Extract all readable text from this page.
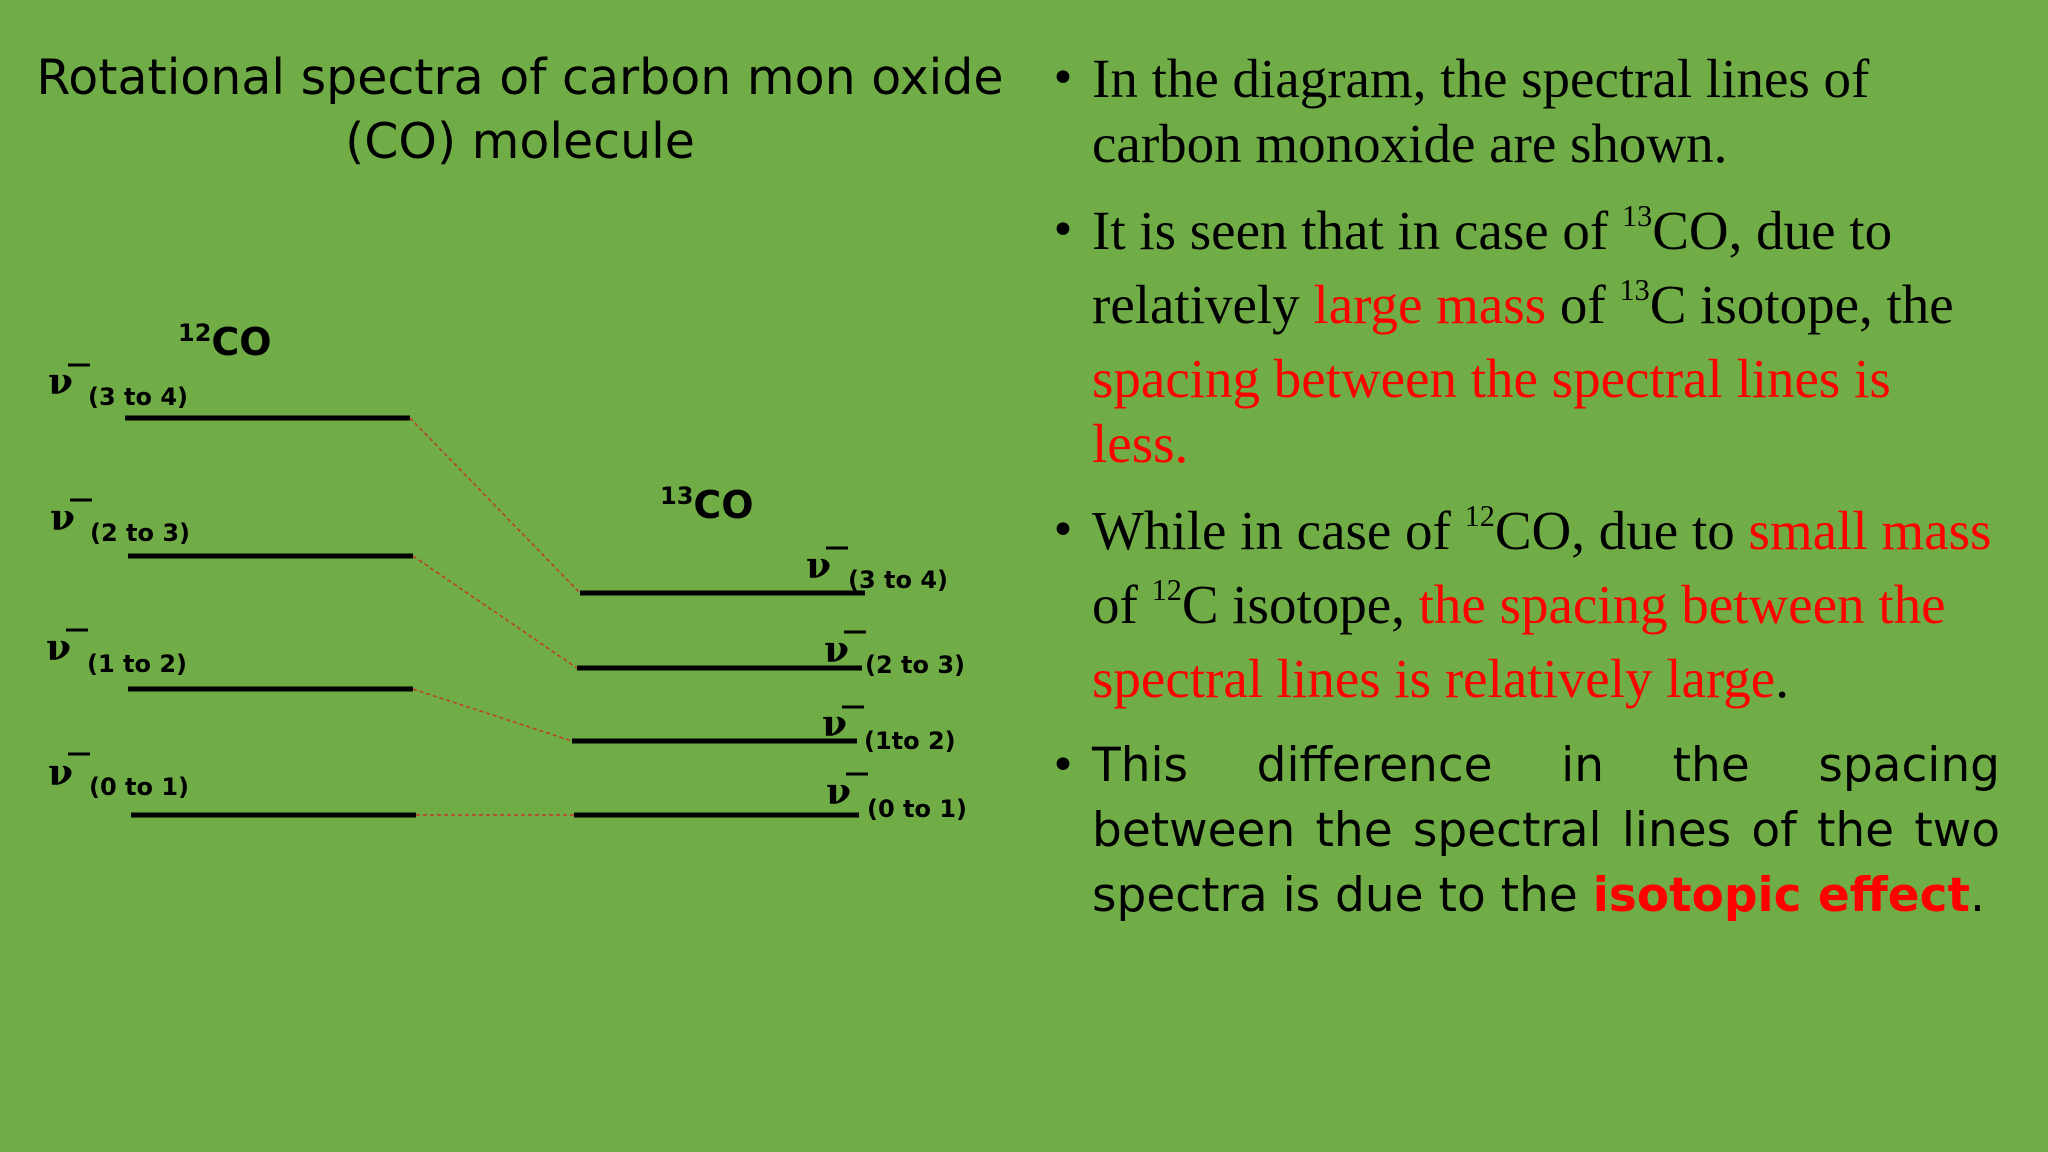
Rotational spectra of carbon mon oxide
(CO) molecule
$^{12}$CO
$^{13}$CO
ν (3 to 4)
ν (2 to 3)
ν (1 to 2)
ν (0 to 1)
ν (3 to 4)
ν (2 to 3)
ν (1to 2)
ν (0 to 1)
• In the diagram, the spectral lines of carbon monoxide are shown.
• It is seen that in case of $^{13}$CO, due to relatively large mass of $^{13}$C isotope, the spacing between the spectral lines is less.
• While in case of $^{12}$CO, due to small mass of $^{12}$C isotope, the spacing between the spectral lines is relatively large.
• This difference in the spacing between the spectral lines of the two spectra is due to the isotopic effect.
